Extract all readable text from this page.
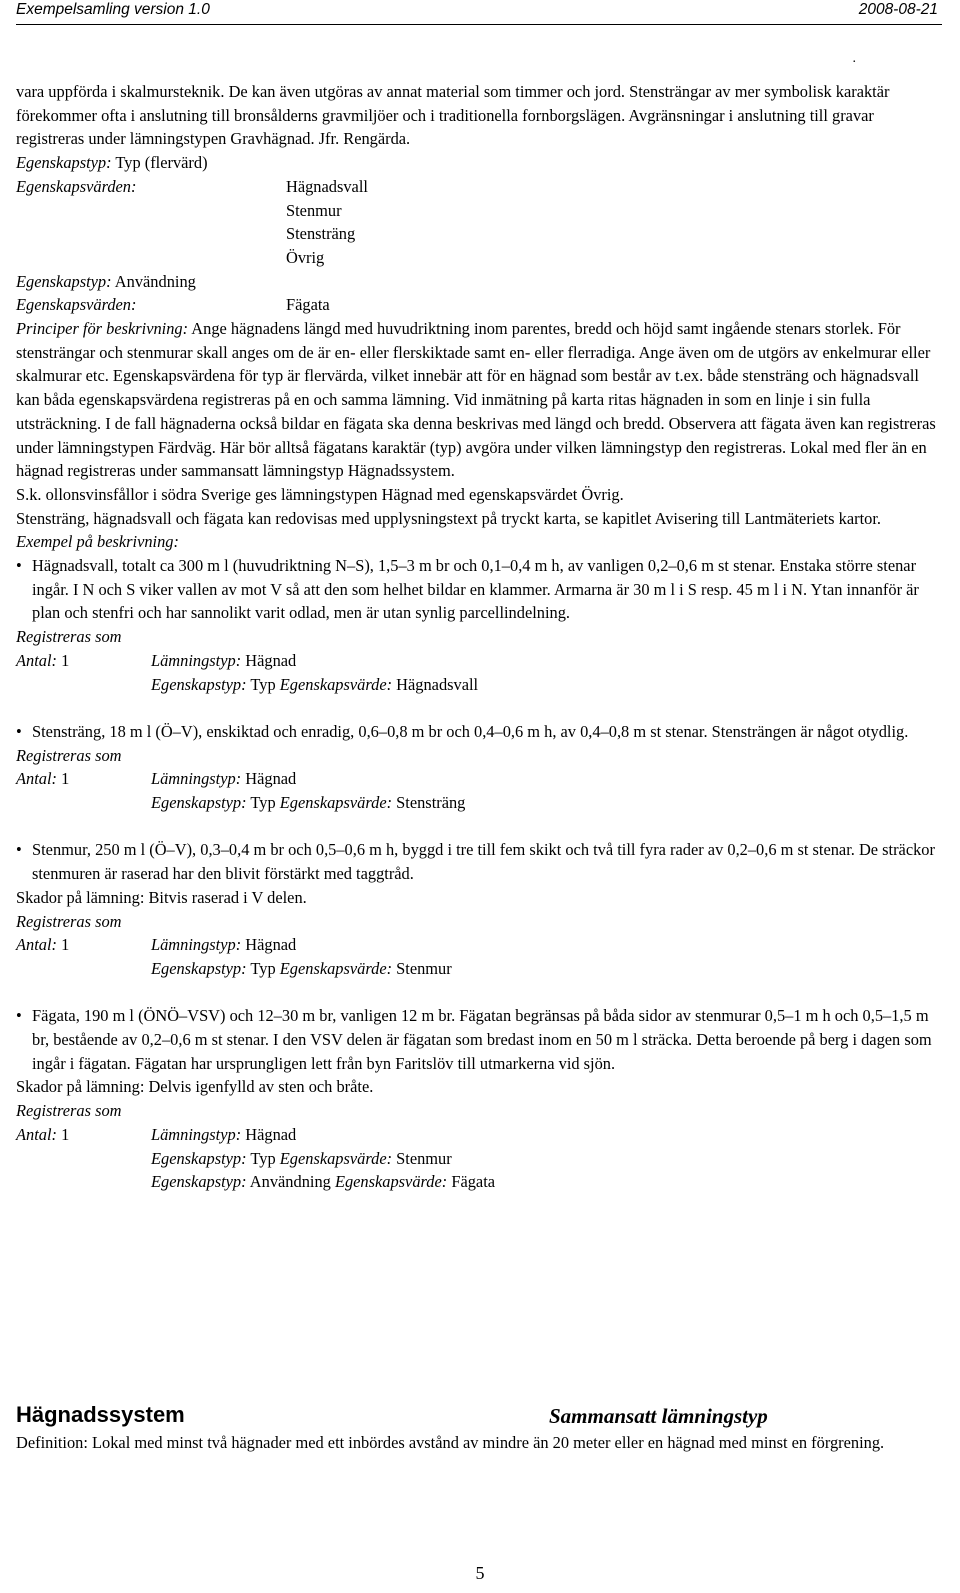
Exempelsamling version 1.0	2008-08-21
.

vara uppförda i skalmursteknik. De kan även utgöras av annat material som timmer och jord. Stensträngar av mer symbolisk karaktär förekommer ofta i anslutning till bronsålderns gravmiljöer och i traditionella fornborgslägen. Avgränsningar i anslutning till gravar registreras under lämningstypen Gravhägnad. Jfr. Rengärda.

Egenskapstyp: Typ (flervärd)

Egenskapsvärden:	Hägnadsvall

Stenmur

Stensträng

Övrig

Egenskapstyp: Användning

Egenskapsvärden:	Fägata

Principer för beskrivning: Ange hägnadens längd med huvudriktning inom parentes, bredd och höjd samt ingående stenars storlek. För stensträngar och stenmurar skall anges om de är en- eller flerskiktade samt en- eller flerradiga. Ange även om de utgörs av enkelmurar eller skalmurar etc. Egenskapsvärdena för typ är flervärda, vilket innebär att för en hägnad som består av t.ex. både stensträng och hägnadsvall kan båda egenskapsvärdena registreras på en och samma lämning. Vid inmätning på karta ritas hägnaden in som en linje i sin fulla utsträckning. I de fall hägnaderna också bildar en fägata ska denna beskrivas med längd och bredd. Observera att fägata även kan registreras under lämningstypen Färdväg. Här bör alltså fägatans karaktär (typ) avgöra under vilken lämningstyp den registreras. Lokal med fler än en hägnad registreras under sammansatt lämningstyp Hägnadssystem.

S.k. ollonsvinsfållor i södra Sverige ges lämningstypen Hägnad med egenskapsvärdet Övrig.

Stensträng, hägnadsvall och fägata kan redovisas med upplysningstext på tryckt karta, se kapitlet Avisering till Lantmäteriets kartor.

Exempel på beskrivning:

• Hägnadsvall, totalt ca 300 m l (huvudriktning N–S), 1,5–3 m br och 0,1–0,4 m h, av vanligen 0,2–0,6 m st stenar. Enstaka större stenar ingår. I N och S viker vallen av mot V så att den som helhet bildar en klammer. Armarna är 30 m l i S resp. 45 m l i N. Ytan innanför är plan och stenfri och har sannolikt varit odlad, men är utan synlig parcellindelning.

Registreras som

Antal: 1	Lämningstyp: Hägnad

Egenskapstyp: Typ Egenskapsvärde: Hägnadsvall

• Stensträng, 18 m l (Ö–V), enskiktad och enradig, 0,6–0,8 m br och 0,4–0,6 m h, av 0,4–0,8 m st stenar. Stensträngen är något otydlig.

Registreras som

Antal: 1	Lämningstyp: Hägnad

Egenskapstyp: Typ Egenskapsvärde: Stensträng

• Stenmur, 250 m l (Ö–V), 0,3–0,4 m br och 0,5–0,6 m h, byggd i tre till fem skikt och två till fyra rader av 0,2–0,6 m st stenar. De sträckor stenmuren är raserad har den blivit förstärkt med taggtråd.

Skador på lämning: Bitvis raserad i V delen.

Registreras som

Antal: 1	Lämningstyp: Hägnad

Egenskapstyp: Typ Egenskapsvärde: Stenmur

• Fägata, 190 m l (ÖNÖ–VSV) och 12–30 m br, vanligen 12 m br. Fägatan begränsas på båda sidor av stenmurar 0,5–1 m h och 0,5–1,5 m br, bestående av 0,2–0,6 m st stenar. I den VSV delen är fägatan som bredast inom en 50 m l sträcka. Detta beroende på berg i dagen som ingår i fägatan. Fägatan har ursprungligen lett från byn Faritslöv till utmarkerna vid sjön.

Skador på lämning: Delvis igenfylld av sten och bråte.

Registreras som

Antal: 1	Lämningstyp: Hägnad

Egenskapstyp: Typ Egenskapsvärde: Stenmur

Egenskapstyp: Användning Egenskapsvärde: Fägata

Hägnadssystem	Sammansatt lämningstyp

Definition: Lokal med minst två hägnader med ett inbördes avstånd av mindre än 20 meter eller en hägnad med minst en förgrening.

5
